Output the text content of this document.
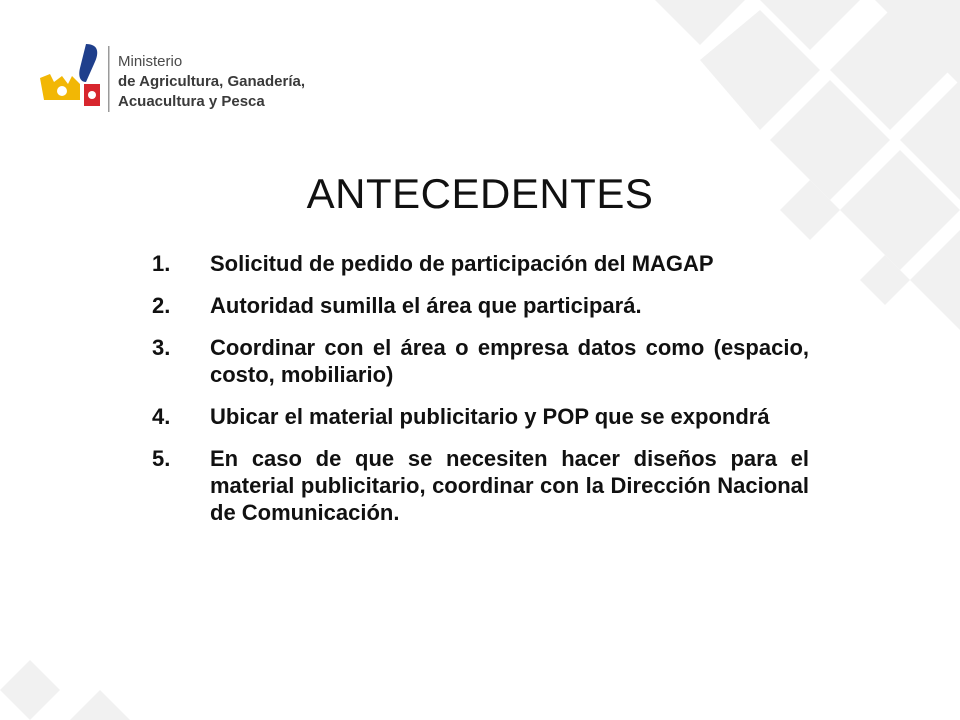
Ministerio
de Agricultura, Ganadería,
Acuacultura y Pesca
ANTECEDENTES
1.	Solicitud de pedido de participación del MAGAP
2.	Autoridad sumilla el área que participará.
3.	Coordinar con el área o empresa datos como (espacio, costo, mobiliario)
4.	Ubicar el material publicitario y POP que se expondrá
5.	En caso de que se necesiten hacer diseños para el material publicitario, coordinar con la Dirección Nacional de Comunicación.
